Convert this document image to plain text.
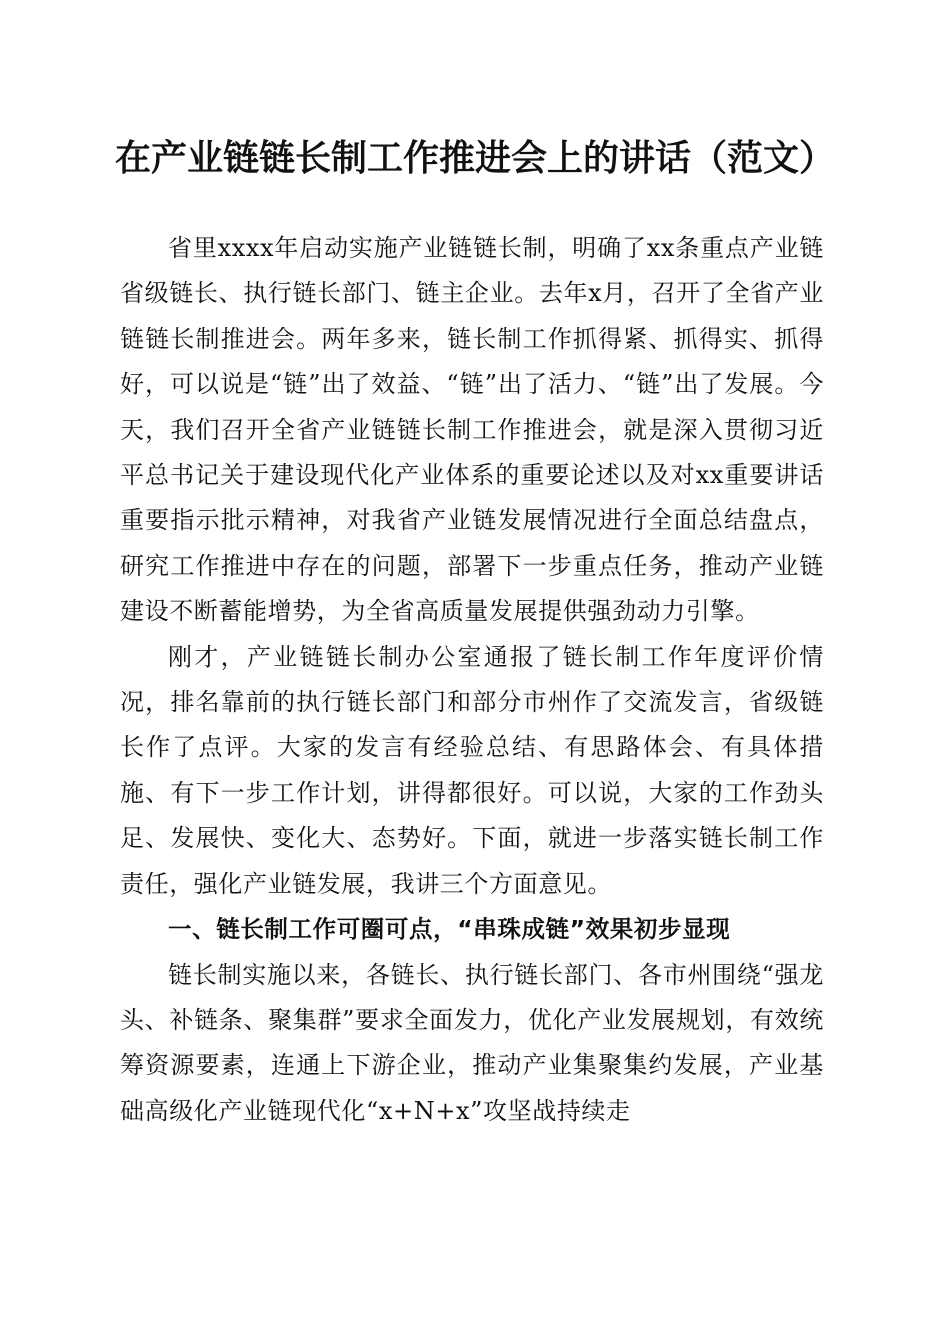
在产业链链长制工作推进会上的讲话（范文）

省里xxxx年启动实施产业链链长制，明确了xx条重点产业链省级链长、执行链长部门、链主企业。去年x月，召开了全省产业链链长制推进会。两年多来，链长制工作抓得紧、抓得实、抓得好，可以说是“链”出了效益、“链”出了活力、“链”出了发展。今天，我们召开全省产业链链长制工作推进会，就是深入贯彻习近平总书记关于建设现代化产业体系的重要论述以及对xx重要讲话重要指示批示精神，对我省产业链发展情况进行全面总结盘点，研究工作推进中存在的问题，部署下一步重点任务，推动产业链建设不断蓄能增势，为全省高质量发展提供强劲动力引擎。

刚才，产业链链长制办公室通报了链长制工作年度评价情况，排名靠前的执行链长部门和部分市州作了交流发言，省级链长作了点评。大家的发言有经验总结、有思路体会、有具体措施、有下一步工作计划，讲得都很好。可以说，大家的工作劲头足、发展快、变化大、态势好。下面，就进一步落实链长制工作责任，强化产业链发展，我讲三个方面意见。

一、链长制工作可圈可点，“串珠成链”效果初步显现

链长制实施以来，各链长、执行链长部门、各市州围绕“强龙头、补链条、聚集群”要求全面发力，优化产业发展规划，有效统筹资源要素，连通上下游企业，推动产业集聚集约发展，产业基础高级化产业链现代化“x+N+x”攻坚战持续走
